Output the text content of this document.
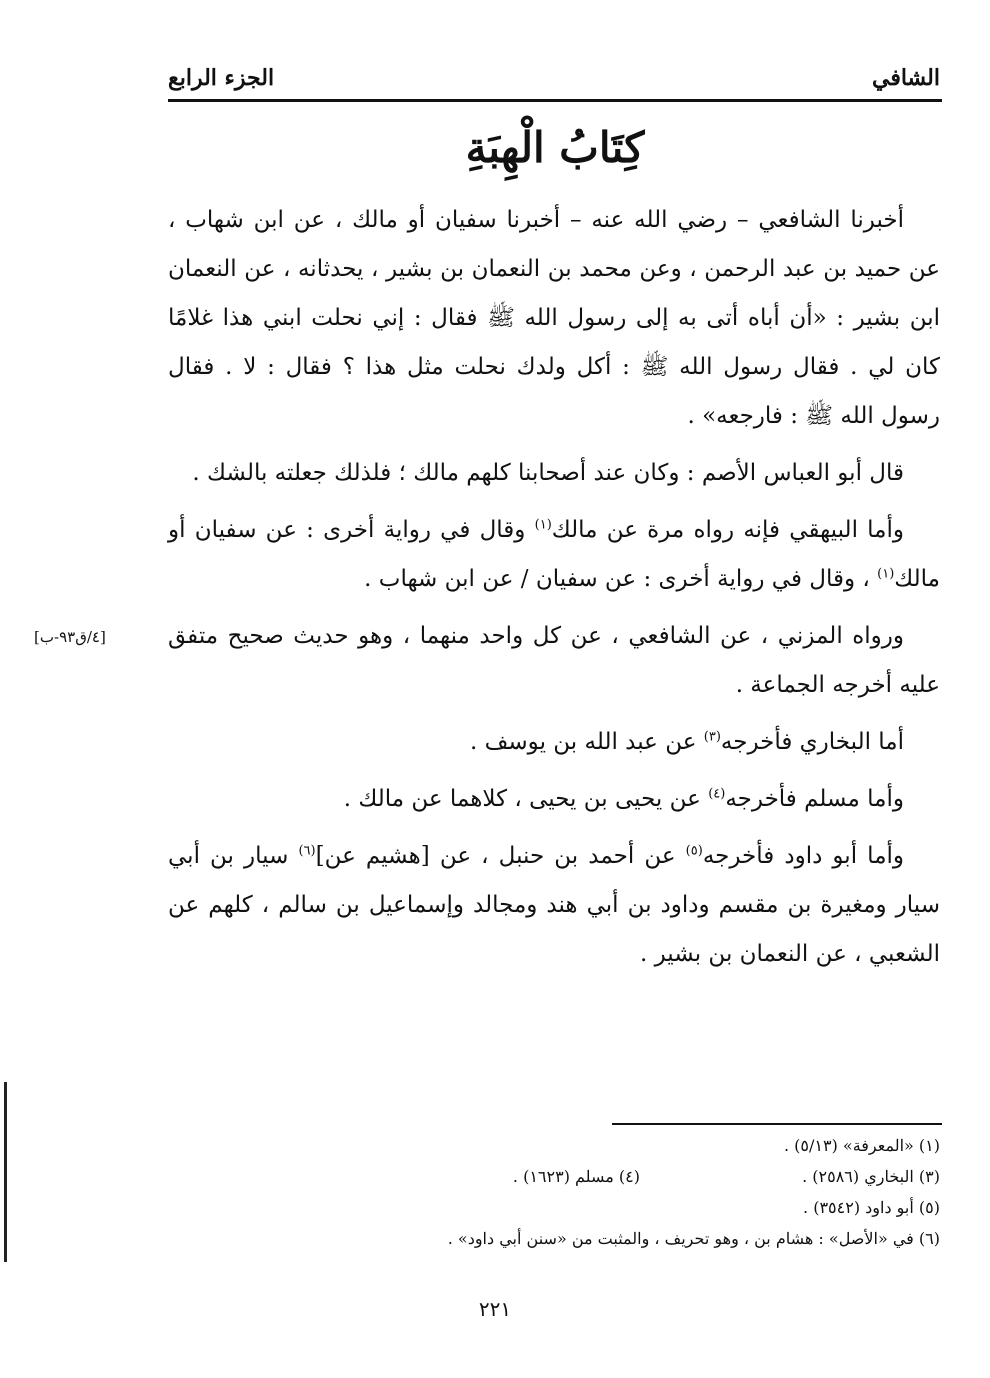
الشافي
الجزء الرابع
كِتَابُ الْهِبَةِ

أخبرنا الشافعي – رضي الله عنه – أخبرنا سفيان أو مالك ، عن ابن شهاب ، عن حميد بن عبد الرحمن ، وعن محمد بن النعمان بن بشير ، يحدثانه ، عن النعمان ابن بشير : «أن أباه أتى به إلى رسول الله ﷺ فقال : إني نحلت ابني هذا غلامًا كان لي . فقال رسول الله ﷺ : أكل ولدك نحلت مثل هذا ؟ فقال : لا . فقال رسول الله ﷺ : فارجعه» .

قال أبو العباس الأصم : وكان عند أصحابنا كلهم مالك ؛ فلذلك جعلته بالشك .

وأما البيهقي فإنه رواه مرة عن مالك$^{(١)}$ وقال في رواية أخرى : عن سفيان أو مالك$^{(١)}$ ، وقال في رواية أخرى : عن سفيان / عن ابن شهاب .

ورواه المزني ، عن الشافعي ، عن كل واحد منهما ، وهو حديث صحيح متفق عليه أخرجه الجماعة .

أما البخاري فأخرجه$^{(٣)}$ عن عبد الله بن يوسف .

وأما مسلم فأخرجه$^{(٤)}$ عن يحيى بن يحيى ، كلاهما عن مالك .

وأما أبو داود فأخرجه$^{(٥)}$ عن أحمد بن حنبل ، عن [هشيم عن]$^{(٦)}$ سيار بن أبي سيار ومغيرة بن مقسم وداود بن أبي هند ومجالد وإسماعيل بن سالم ، كلهم عن الشعبي ، عن النعمان بن بشير .

[٤/ق٩٣-ب]
(١) «المعرفة» (٥/١٣) .
(٣) البخاري (٢٥٨٦) .(٤) مسلم (١٦٢٣) .
(٥) أبو داود (٣٥٤٢) .
(٦) في «الأصل» : هشام بن ، وهو تحريف ، والمثبت من «سنن أبي داود» .
٢٢١
